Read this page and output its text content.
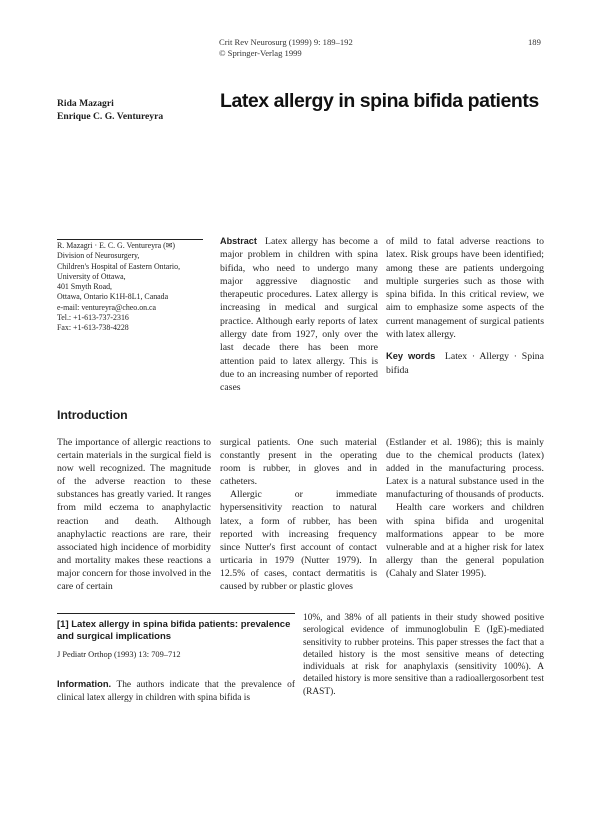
Crit Rev Neurosurg (1999) 9: 189–192
© Springer-Verlag 1999
189
Rida Mazagri
Enrique C. G. Ventureyra
Latex allergy in spina bifida patients
R. Mazagri · E. C. G. Ventureyra (✉)
Division of Neurosurgery,
Children's Hospital of Eastern Ontario,
University of Ottawa,
401 Smyth Road,
Ottawa, Ontario K1H-8L1, Canada
e-mail: ventureyra@cheo.on.ca
Tel.: +1-613-737-2316
Fax: +1-613-738-4228
Abstract Latex allergy has become a major problem in children with spina bifida, who need to undergo many major aggressive diagnostic and therapeutic procedures. Latex allergy is increasing in medical and surgical practice. Although early reports of latex allergy date from 1927, only over the last decade there has been more attention paid to latex allergy. This is due to an increasing number of reported cases
of mild to fatal adverse reactions to latex. Risk groups have been identified; among these are patients undergoing multiple surgeries such as those with spina bifida. In this critical review, we aim to emphasize some aspects of the current management of surgical patients with latex allergy.
Key words Latex · Allergy · Spina bifida
Introduction

The importance of allergic reactions to certain materials in the surgical field is now well recognized. The magnitude of the adverse reaction to these substances has greatly varied. It ranges from mild eczema to anaphylactic reaction and death. Although anaphylactic reactions are rare, their associated high incidence of morbidity and mortality makes these reactions a major concern for those involved in the care of certain

surgical patients. One such material constantly present in the operating room is rubber, in gloves and in catheters.

Allergic or immediate hypersensitivity reaction to natural latex, a form of rubber, has been reported with increasing frequency since Nutter's first account of contact urticaria in 1979 (Nutter 1979). In 12.5% of cases, contact dermatitis is caused by rubber or plastic gloves

(Estlander et al. 1986); this is mainly due to the chemical products (latex) added in the manufacturing process. Latex is a natural substance used in the manufacturing of thousands of products.

Health care workers and children with spina bifida and urogenital malformations appear to be more vulnerable and at a higher risk for latex allergy than the general population (Cahaly and Slater 1995).

[1] Latex allergy in spina bifida patients: prevalence and surgical implications
J Pediatr Orthop (1993) 13: 709–712
Information. The authors indicate that the prevalence of clinical latex allergy in children with spina bifida is
10%, and 38% of all patients in their study showed positive serological evidence of immunoglobulin E (IgE)-mediated sensitivity to rubber proteins. This paper stresses the fact that a detailed history is the most sensitive means of detecting individuals at risk for anaphylaxis (sensitivity 100%). A detailed history is more sensitive than a radioallergosorbent test (RAST).
